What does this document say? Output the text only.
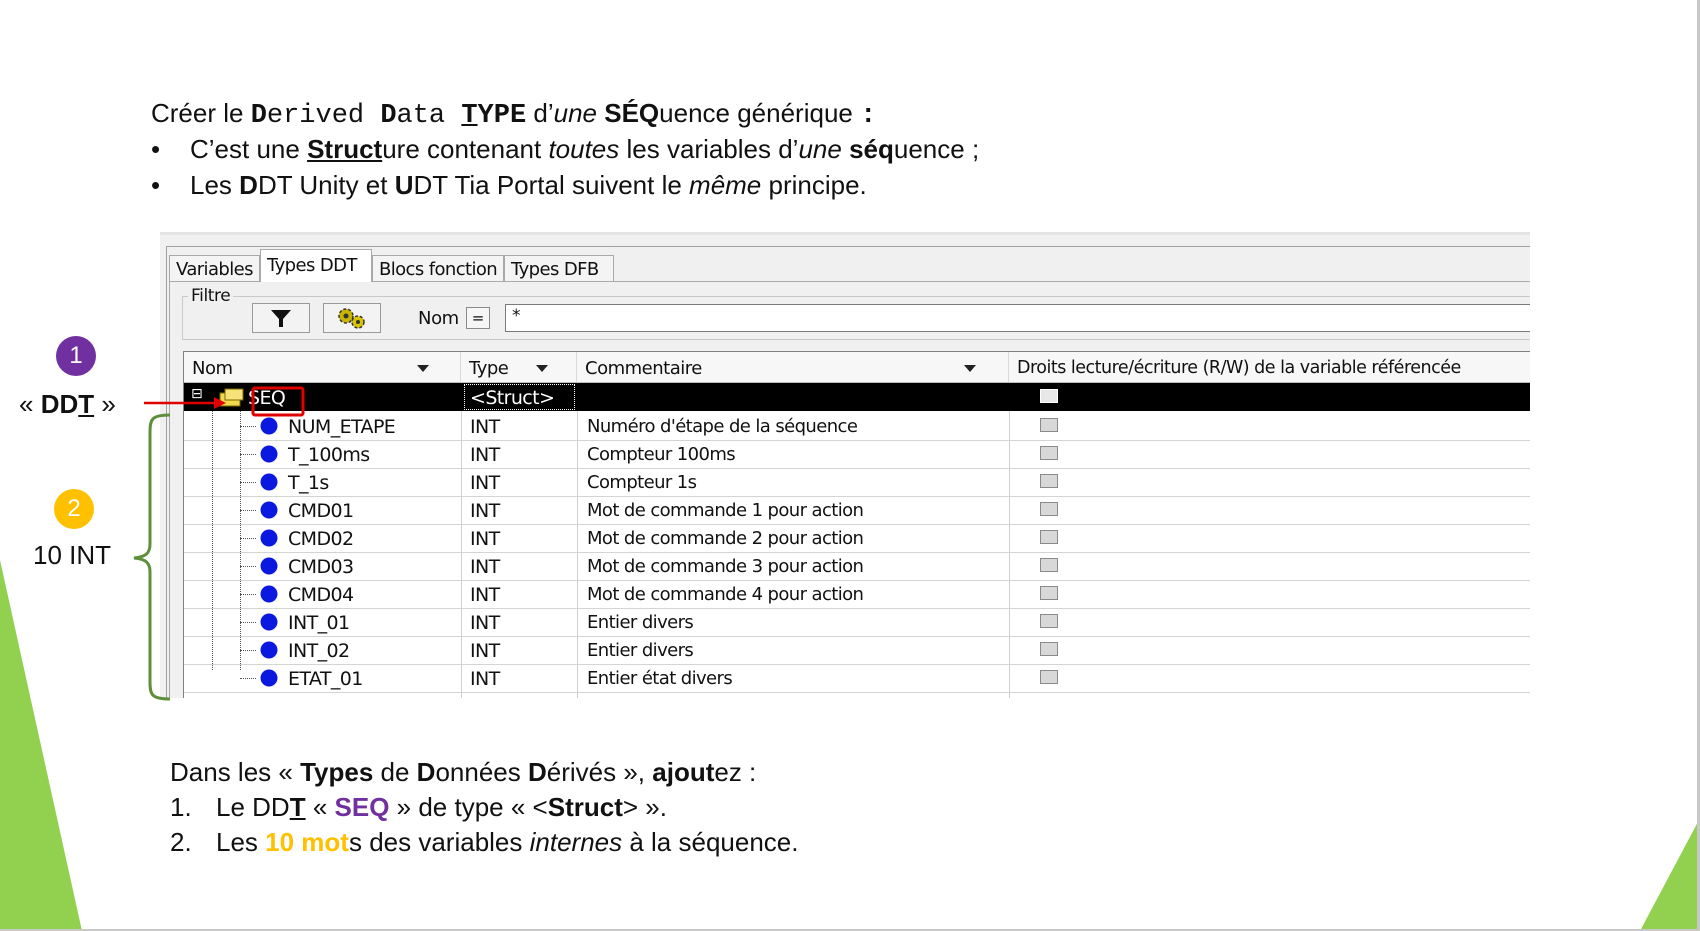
Créer le Derived Data TYPE d’une SÉQuence générique :
• C’est une Structure contenant toutes les variables d’une séquence ;
• Les DDT Unity et UDT Tia Portal suivent le même principe.
Variables Types DDT	Blocs fonction Types DFB
Filtre
Nom =	*
Nom	Type	Commentaire	Droits lecture/écriture (R/W) de la variable référencée
⊟ SEQ	<Struct>
NUM_ETAPE	INT	Numéro d'étape de la séquence
T_100ms	INT	Compteur 100ms
T_1s	INT	Compteur 1s
CMD01	INT	Mot de commande 1 pour action
CMD02	INT	Mot de commande 2 pour action
CMD03	INT	Mot de commande 3 pour action
CMD04	INT	Mot de commande 4 pour action
INT_01	INT	Entier divers
INT_02	INT	Entier divers
ETAT_01	INT	Entier état divers
1
« DDT »
2
10 INT
Dans les « Types de Données Dérivés », ajoutez :
1. Le DDT « SEQ » de type « <Struct> ».
2. Les 10 mots des variables internes à la séquence.
